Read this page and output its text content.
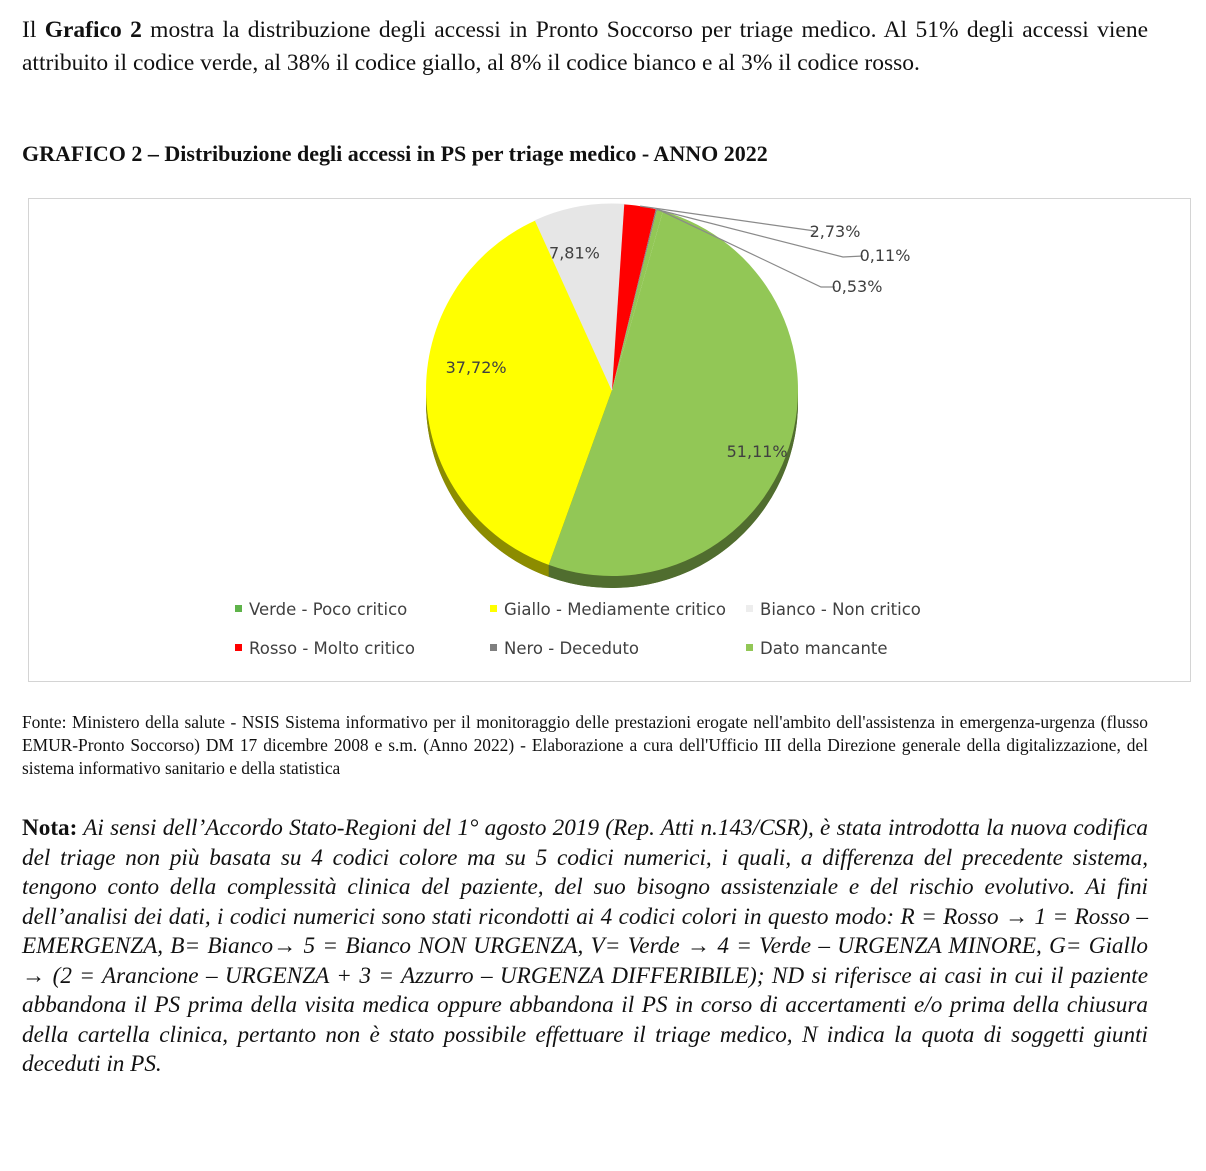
Il Grafico 2 mostra la distribuzione degli accessi in Pronto Soccorso per triage medico. Al 51% degli accessi viene attribuito il codice verde, al 38% il codice giallo, al 8% il codice bianco e al 3% il codice rosso.

GRAFICO 2 – Distribuzione degli accessi in PS per triage medico - ANNO 2022
51,11%
37,72%
7,81%
2,73%
0,11%
0,53%
Verde - Poco critico	Giallo - Mediamente critico	Bianco - Non critico
Rosso - Molto critico	Nero - Deceduto	Dato mancante

Fonte: Ministero della salute - NSIS Sistema informativo per il monitoraggio delle prestazioni erogate nell'ambito dell'assistenza in emergenza-urgenza (flusso EMUR-Pronto Soccorso) DM 17 dicembre 2008 e s.m. (Anno 2022) - Elaborazione a cura dell'Ufficio III della Direzione generale della digitalizzazione, del sistema informativo sanitario e della statistica

Nota: Ai sensi dell’Accordo Stato-Regioni del 1° agosto 2019 (Rep. Atti n.143/CSR), è stata introdotta la nuova codifica del triage non più basata su 4 codici colore ma su 5 codici numerici, i quali, a differenza del precedente sistema, tengono conto della complessità clinica del paziente, del suo bisogno assistenziale e del rischio evolutivo. Ai fini dell’analisi dei dati, i codici numerici sono stati ricondotti ai 4 codici colori in questo modo: R = Rosso → 1 = Rosso – EMERGENZA, B= Bianco→ 5 = Bianco NON URGENZA, V= Verde → 4 = Verde – URGENZA MINORE, G= Giallo → (2 = Arancione – URGENZA + 3 = Azzurro – URGENZA DIFFERIBILE); ND si riferisce ai casi in cui il paziente abbandona il PS prima della visita medica oppure abbandona il PS in corso di accertamenti e/o prima della chiusura della cartella clinica, pertanto non è stato possibile effettuare il triage medico, N indica la quota di soggetti giunti deceduti in PS.
